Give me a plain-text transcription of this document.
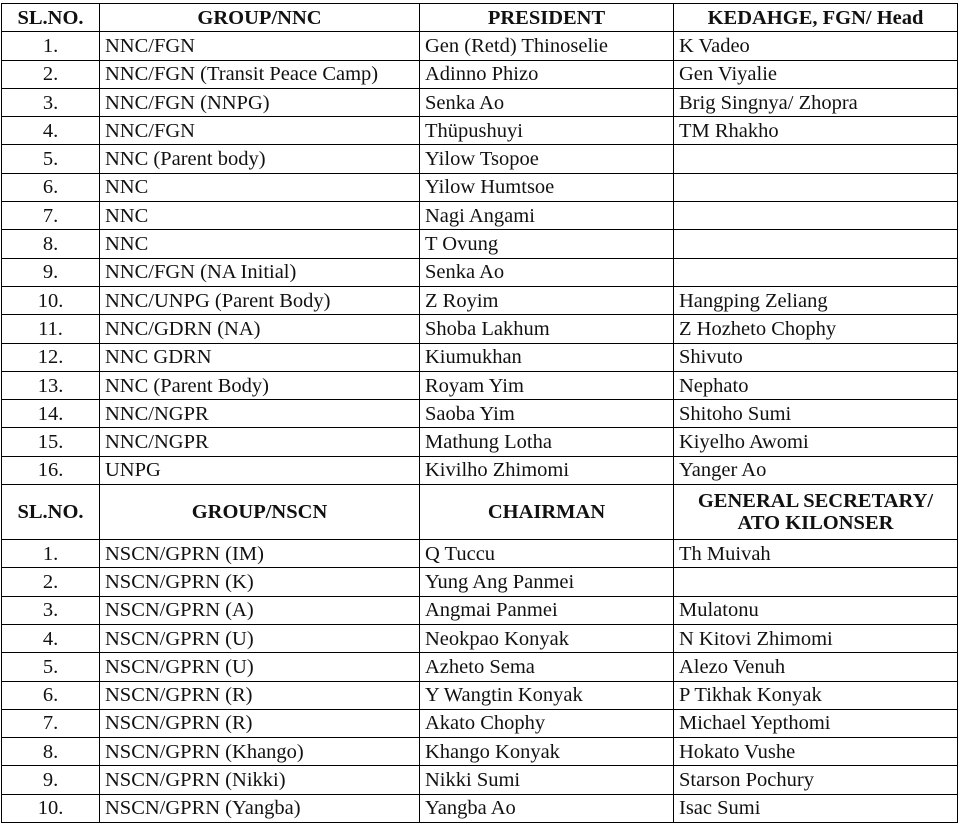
SL.NO.	GROUP/NNC	PRESIDENT	KEDAHGE, FGN/ Head
1.	NNC/FGN	Gen (Retd) Thinoselie	K Vadeo
2.	NNC/FGN (Transit Peace Camp)	Adinno Phizo	Gen Viyalie
3.	NNC/FGN (NNPG)	Senka Ao	Brig Singnya/ Zhopra
4.	NNC/FGN	Thüpushuyi	TM Rhakho
5.	NNC (Parent body)	Yilow Tsopoe	
6.	NNC	Yilow Humtsoe	
7.	NNC	Nagi Angami	
8.	NNC	T Ovung	
9.	NNC/FGN (NA Initial)	Senka Ao	
10.	NNC/UNPG (Parent Body)	Z Royim	Hangping Zeliang
11.	NNC/GDRN (NA)	Shoba Lakhum	Z Hozheto Chophy
12.	NNC GDRN	Kiumukhan	Shivuto
13.	NNC (Parent Body)	Royam Yim	Nephato
14.	NNC/NGPR	Saoba Yim	Shitoho Sumi
15.	NNC/NGPR	Mathung Lotha	Kiyelho Awomi
16.	UNPG	Kivilho Zhimomi	Yanger Ao
SL.NO.	GROUP/NSCN	CHAIRMAN	GENERAL SECRETARY/ ATO KILONSER
1.	NSCN/GPRN (IM)	Q Tuccu	Th Muivah
2.	NSCN/GPRN (K)	Yung Ang Panmei	
3.	NSCN/GPRN (A)	Angmai Panmei	Mulatonu
4.	NSCN/GPRN (U)	Neokpao Konyak	N Kitovi Zhimomi
5.	NSCN/GPRN (U)	Azheto Sema	Alezo Venuh
6.	NSCN/GPRN (R)	Y Wangtin Konyak	P Tikhak Konyak
7.	NSCN/GPRN (R)	Akato Chophy	Michael Yepthomi
8.	NSCN/GPRN (Khango)	Khango Konyak	Hokato Vushe
9.	NSCN/GPRN (Nikki)	Nikki Sumi	Starson Pochury
10.	NSCN/GPRN (Yangba)	Yangba Ao	Isac Sumi
